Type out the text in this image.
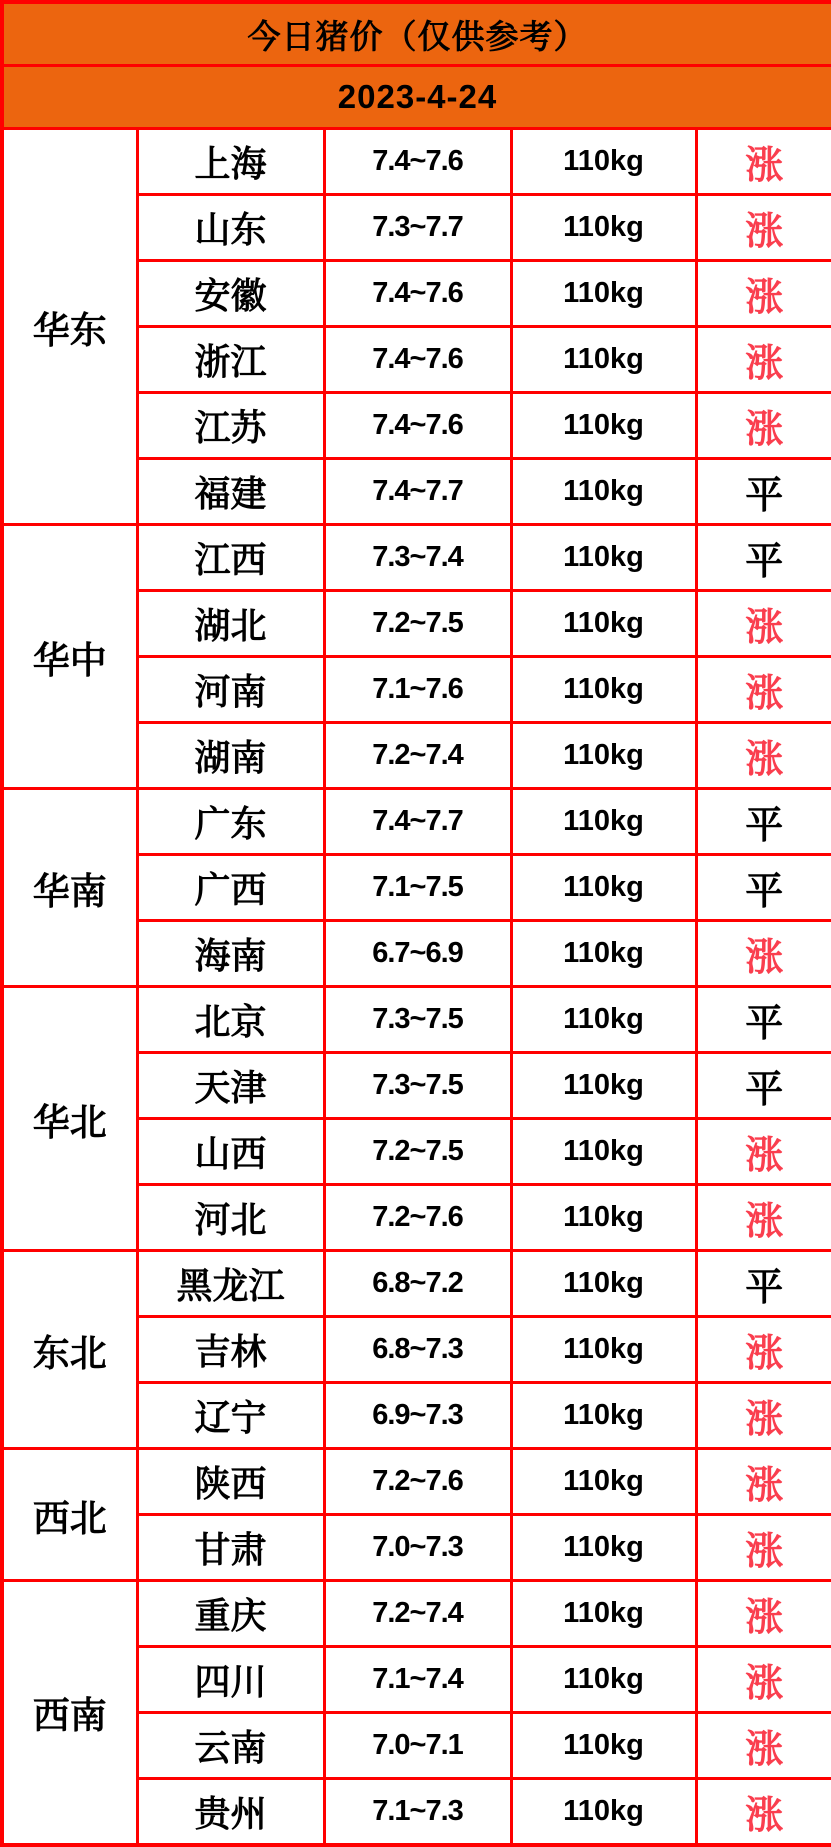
今日猪价（仅供参考）				
2023-4-24				
华东	上海	7.4~7.6	110kg	涨
	山东	7.3~7.7	110kg	涨
	安徽	7.4~7.6	110kg	涨
	浙江	7.4~7.6	110kg	涨
	江苏	7.4~7.6	110kg	涨
	福建	7.4~7.7	110kg	平
华中	江西	7.3~7.4	110kg	平
	湖北	7.2~7.5	110kg	涨
	河南	7.1~7.6	110kg	涨
	湖南	7.2~7.4	110kg	涨
华南	广东	7.4~7.7	110kg	平
	广西	7.1~7.5	110kg	平
	海南	6.7~6.9	110kg	涨
华北	北京	7.3~7.5	110kg	平
	天津	7.3~7.5	110kg	平
	山西	7.2~7.5	110kg	涨
	河北	7.2~7.6	110kg	涨
东北	黑龙江	6.8~7.2	110kg	平
	吉林	6.8~7.3	110kg	涨
	辽宁	6.9~7.3	110kg	涨
西北	陕西	7.2~7.6	110kg	涨
	甘肃	7.0~7.3	110kg	涨
西南	重庆	7.2~7.4	110kg	涨
	四川	7.1~7.4	110kg	涨
	云南	7.0~7.1	110kg	涨
	贵州	7.1~7.3	110kg	涨
